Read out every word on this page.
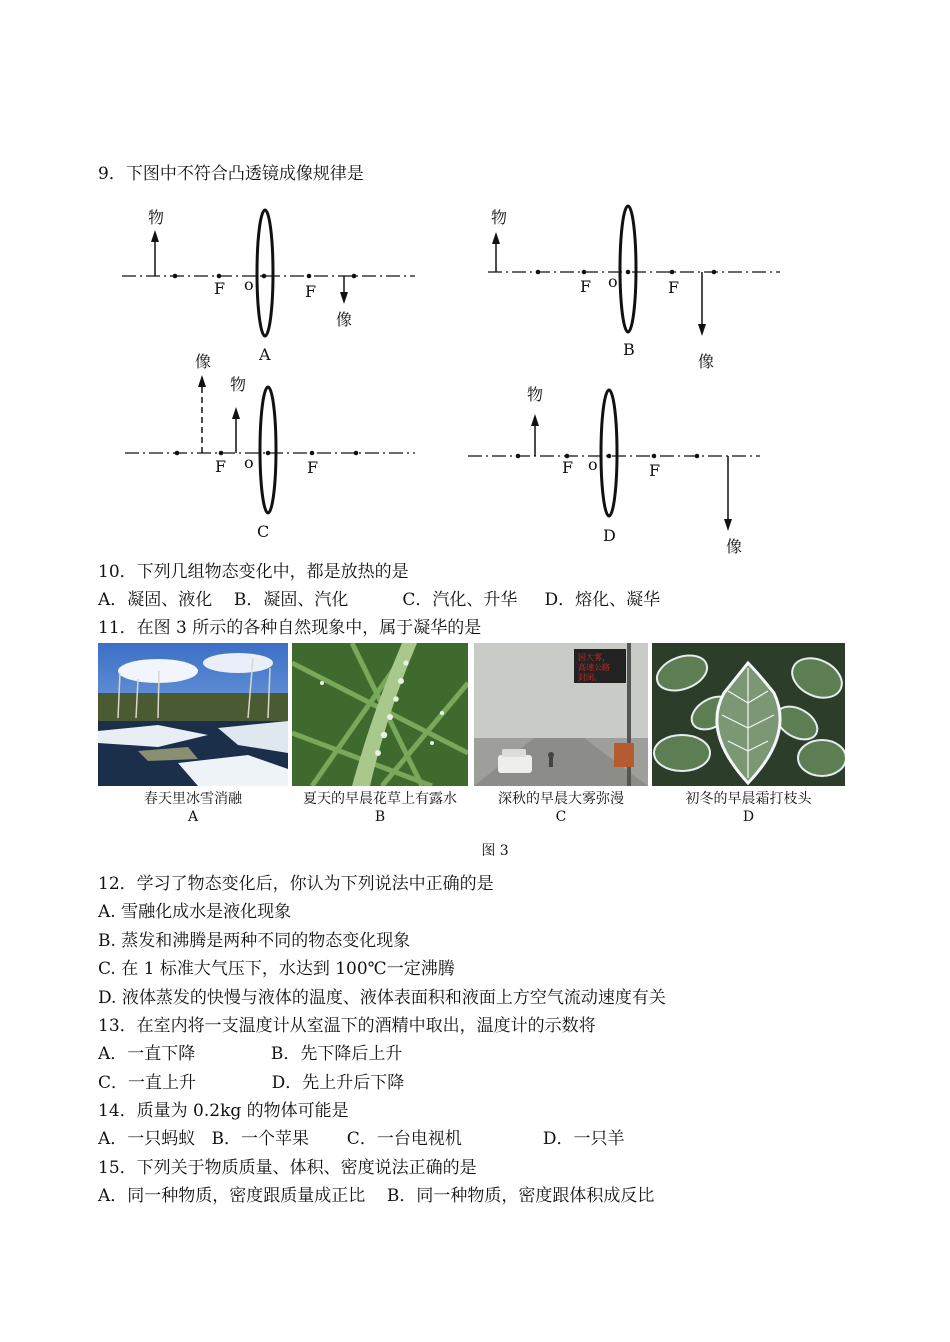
9．下图中不符合凸透镜成像规律是
物
F o	F
像
A
物
F o	F
像
B
像
物
F o	F
C
物
F o	F
像
D
10．下列几组物态变化中，都是放热的是
A．凝固、液化    B．凝固、汽化          C．汽化、升华     D．熔化、凝华
11．在图 3 所示的各种自然现象中，属于凝华的是
因大雾，
高速公路
封闭。
春天里冰雪消融
A
夏天的早晨花草上有露水
B
深秋的早晨大雾弥漫
C
初冬的早晨霜打枝头
D
图 3
12．学习了物态变化后，你认为下列说法中正确的是
A. 雪融化成水是液化现象
B. 蒸发和沸腾是两种不同的物态变化现象
C. 在 1 标准大气压下，水达到 100℃一定沸腾
D. 液体蒸发的快慢与液体的温度、液体表面积和液面上方空气流动速度有关
13．在室内将一支温度计从室温下的酒精中取出，温度计的示数将
A．一直下降              B．先下降后上升
C．一直上升              D．先上升后下降
14．质量为 0.2kg 的物体可能是
A．一只蚂蚁   B．一个苹果       C．一台电视机               D．一只羊
15．下列关于物质质量、体积、密度说法正确的是
A．同一种物质，密度跟质量成正比    B．同一种物质，密度跟体积成反比
